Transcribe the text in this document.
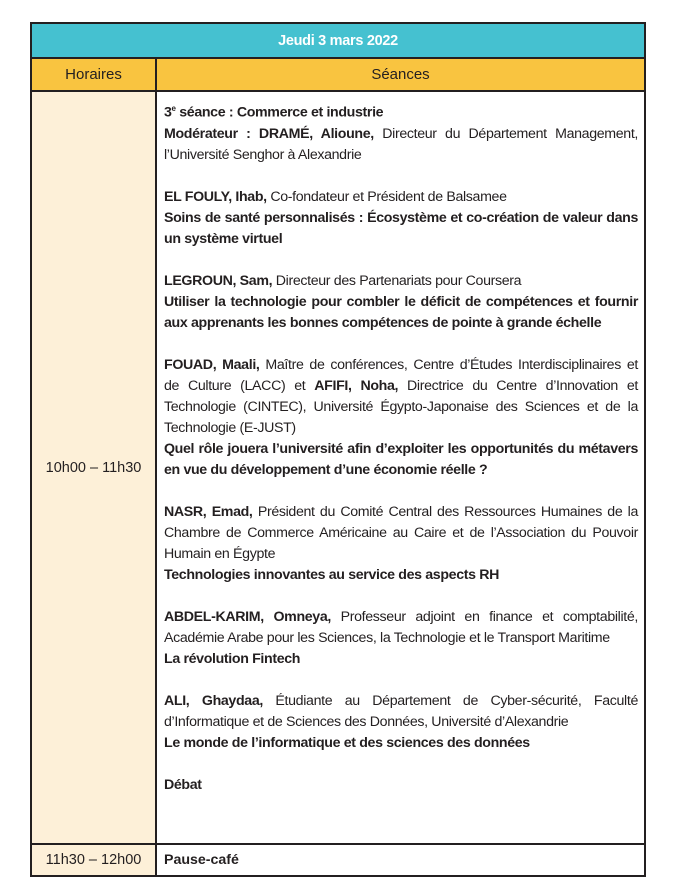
Jeudi 3 mars 2022
Horaires	Séances
10h00 – 11h30

3e séance : Commerce et industrie

Modérateur : DRAMÉ, Alioune, Directeur du Département Management, l’Université Senghor à Alexandrie

EL FOULY, Ihab, Co-fondateur et Président de Balsamee

Soins de santé personnalisés : Écosystème et co-création de valeur dans un système virtuel

LEGROUN, Sam, Directeur des Partenariats pour Coursera

Utiliser la technologie pour combler le déficit de compétences et fournir aux apprenants les bonnes compétences de pointe à grande échelle

FOUAD, Maali, Maître de conférences, Centre d’Études Interdisciplinaires et de Culture (LACC) et AFIFI, Noha, Directrice du Centre d’Innovation et Technologie (CINTEC), Université Égypto-Japonaise des Sciences et de la Technologie (E-JUST)

Quel rôle jouera l’université afin d’exploiter les opportunités du métavers en vue du développement d’une économie réelle ?

NASR, Emad, Président du Comité Central des Ressources Humaines de la Chambre de Commerce Américaine au Caire et de l’Association du Pouvoir Humain en Égypte

Technologies innovantes au service des aspects RH

ABDEL-KARIM, Omneya, Professeur adjoint en finance et comptabilité, Académie Arabe pour les Sciences, la Technologie et le Transport Maritime

La révolution Fintech

ALI, Ghaydaa, Étudiante au Département de Cyber-sécurité, Faculté d’Informatique et de Sciences des Données, Université d’Alexandrie

Le monde de l’informatique et des sciences des données

Débat

11h30 – 12h00	Pause-café
